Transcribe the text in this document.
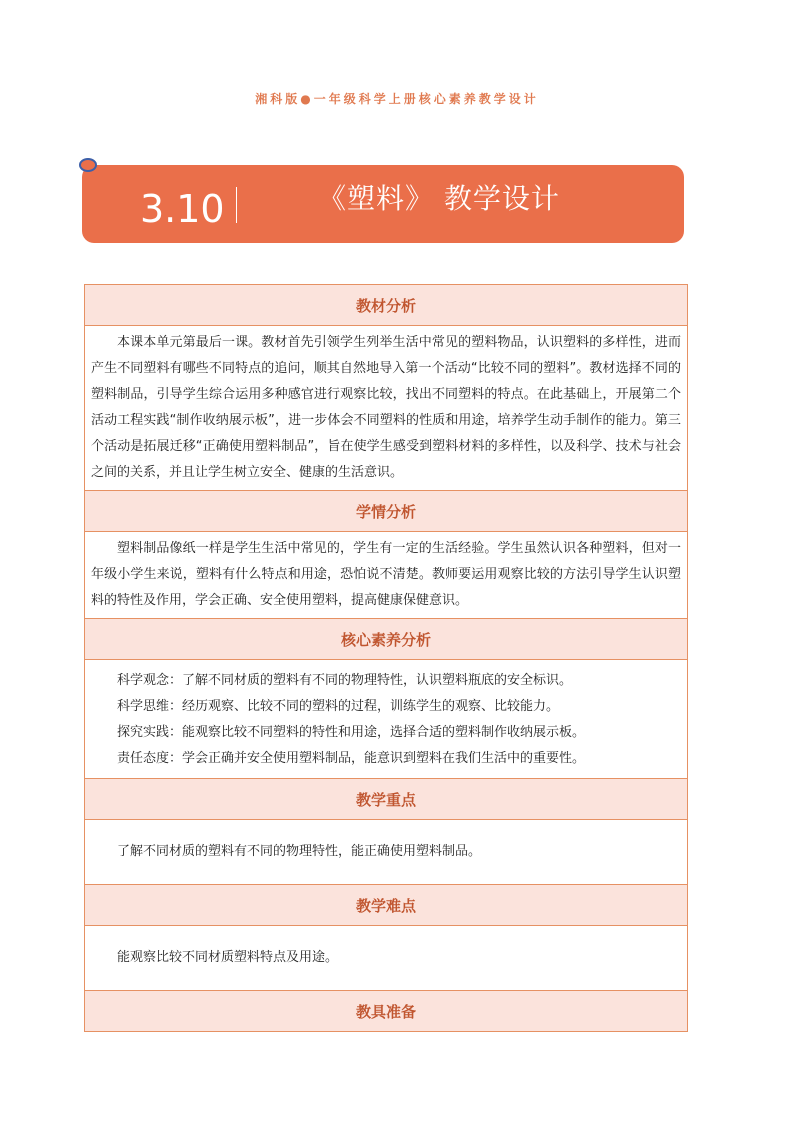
湘科版●一年级科学上册核心素养教学设计
3.10	《塑料》 教学设计
教材分析

本课本单元第最后一课。教材首先引领学生列举生活中常见的塑料物品，认识塑料的多样性，进而产生不同塑料有哪些不同特点的追问，顺其自然地导入第一个活动“比较不同的塑料”。教材选择不同的塑料制品，引导学生综合运用多种感官进行观察比较，找出不同塑料的特点。在此基础上，开展第二个活动工程实践“制作收纳展示板”，进一步体会不同塑料的性质和用途，培养学生动手制作的能力。第三个活动是拓展迁移“正确使用塑料制品”，旨在使学生感受到塑料材料的多样性，以及科学、技术与社会之间的关系，并且让学生树立安全、健康的生活意识。

学情分析

塑料制品像纸一样是学生生活中常见的，学生有一定的生活经验。学生虽然认识各种塑料，但对一年级小学生来说，塑料有什么特点和用途，恐怕说不清楚。教师要运用观察比较的方法引导学生认识塑料的特性及作用，学会正确、安全使用塑料，提高健康保健意识。

核心素养分析

科学观念：了解不同材质的塑料有不同的物理特性，认识塑料瓶底的安全标识。

科学思维：经历观察、比较不同的塑料的过程，训练学生的观察、比较能力。

探究实践：能观察比较不同塑料的特性和用途，选择合适的塑料制作收纳展示板。

责任态度：学会正确并安全使用塑料制品，能意识到塑料在我们生活中的重要性。

教学重点

了解不同材质的塑料有不同的物理特性，能正确使用塑料制品。

教学难点

能观察比较不同材质塑料特点及用途。

教具准备
